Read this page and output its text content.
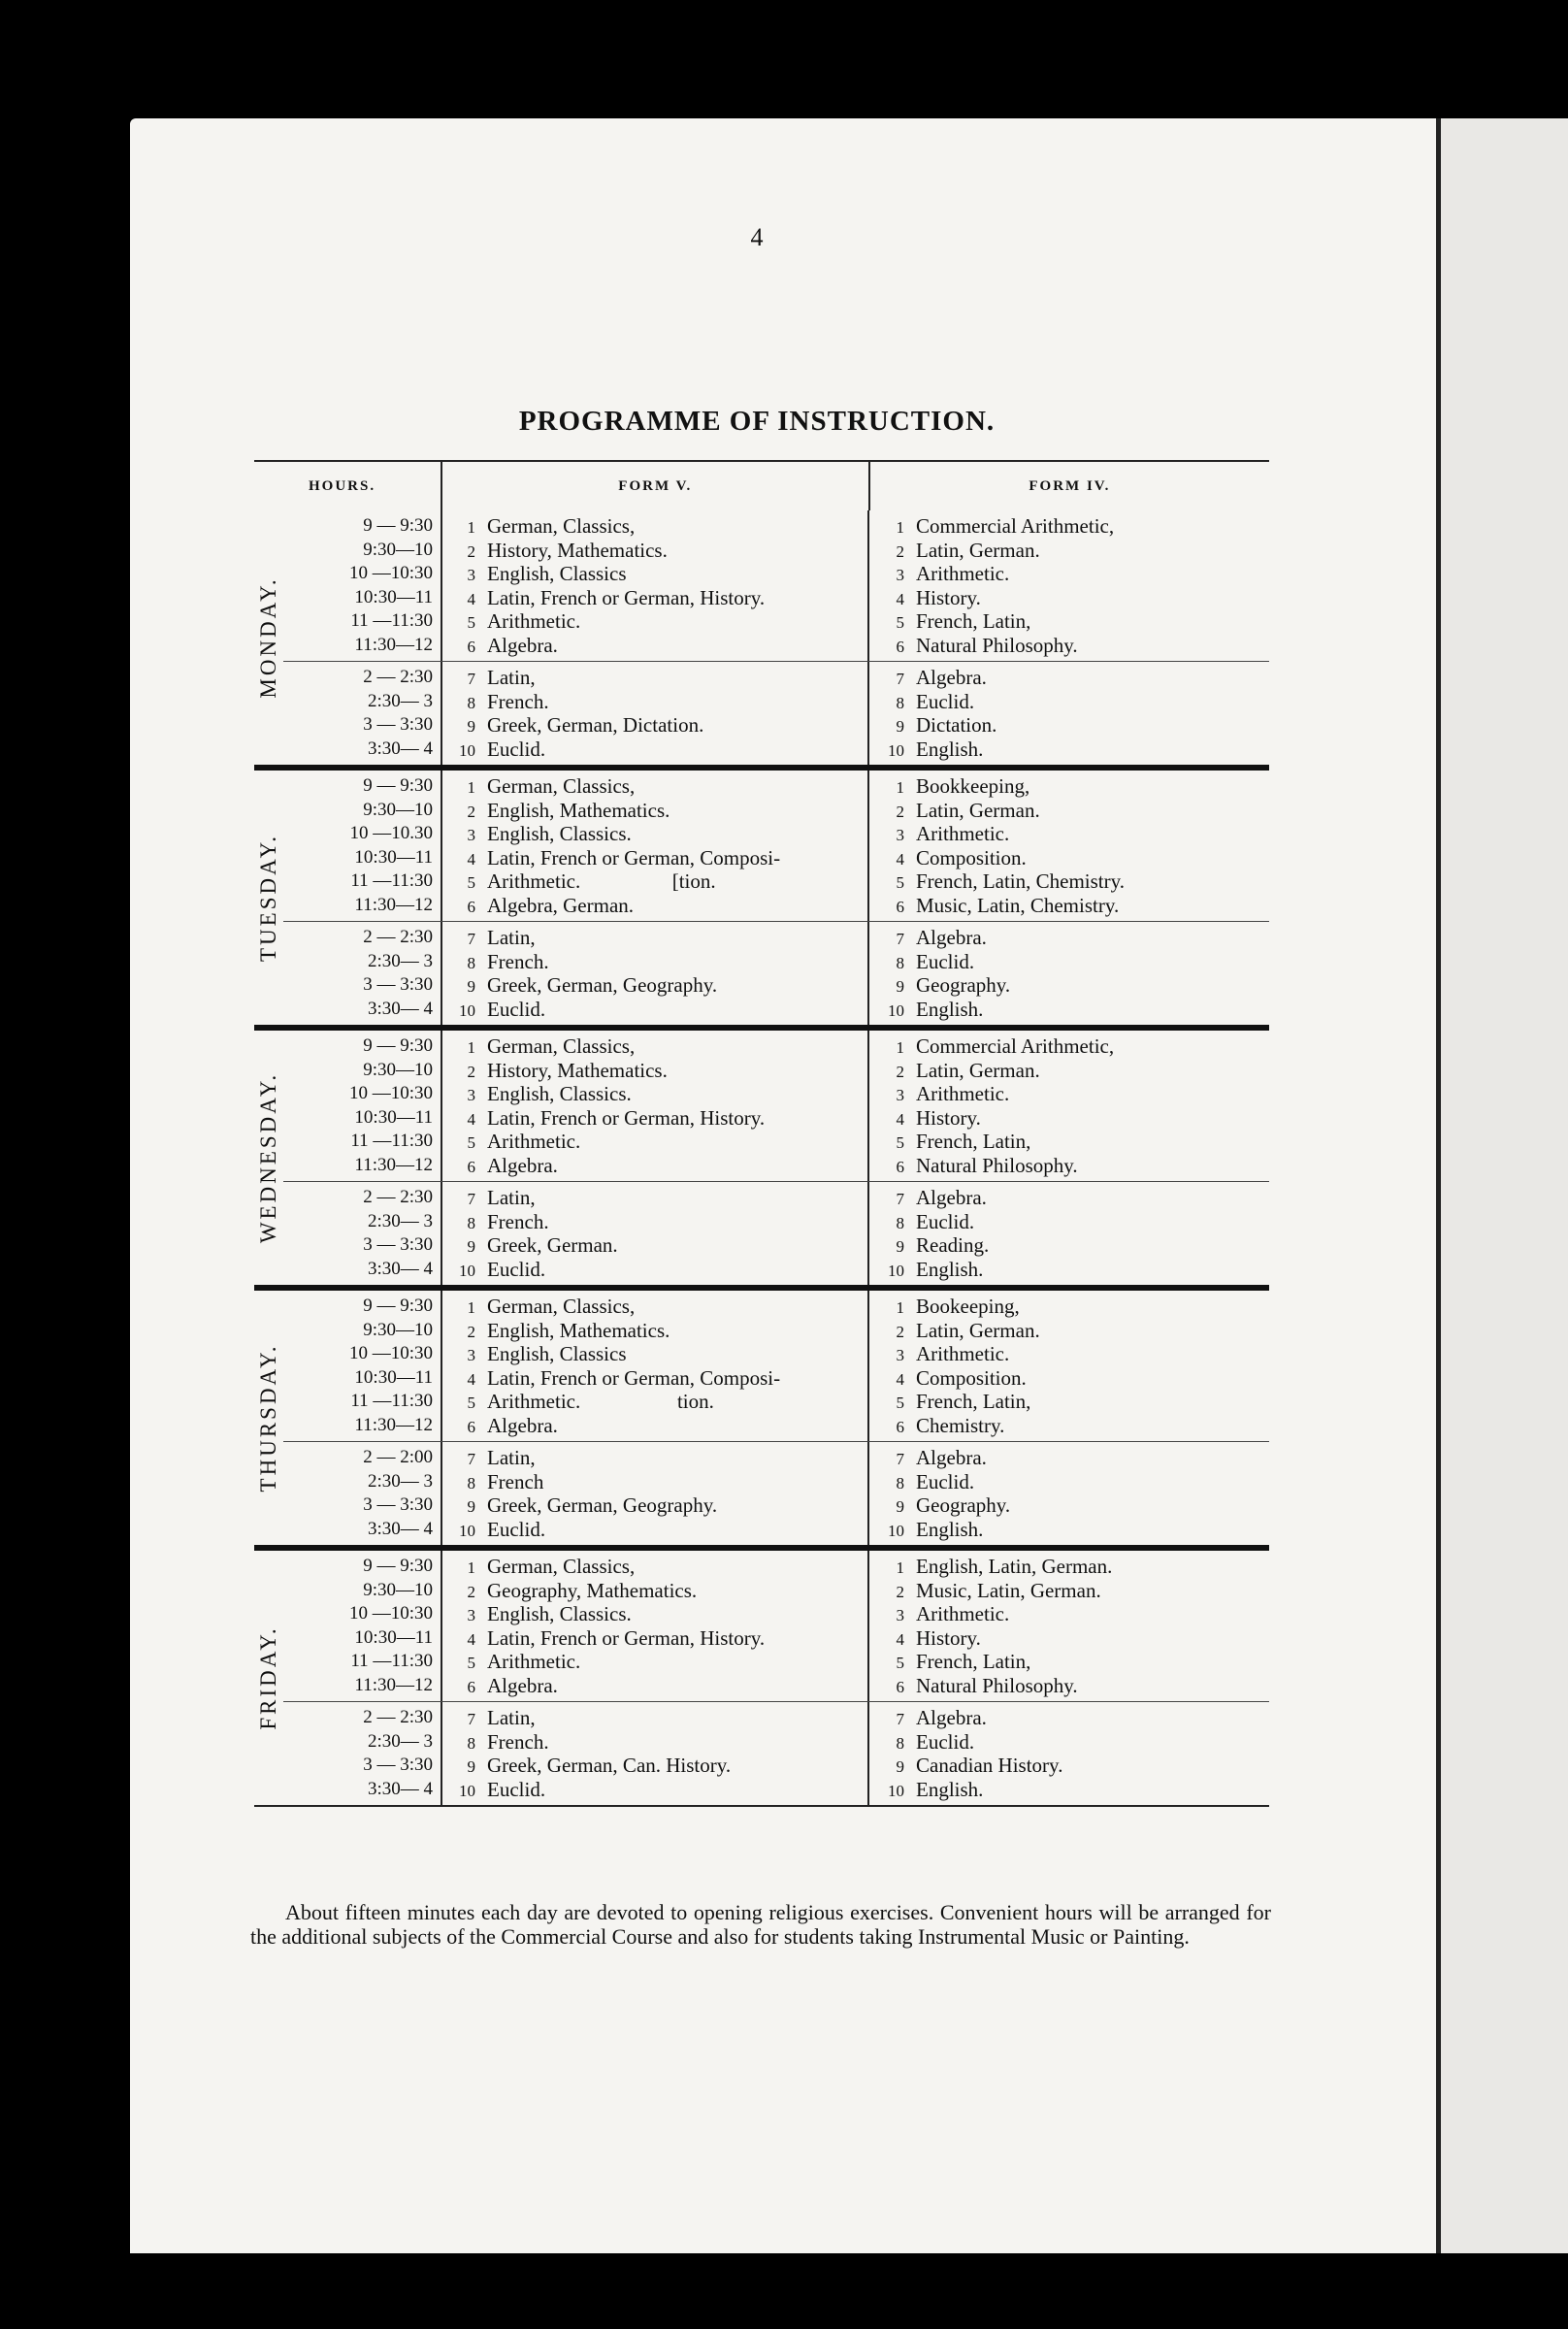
4
PROGRAMME OF INSTRUCTION.
HOURS.	FORM V.	FORM IV.
MONDAY.
9 — 9:30
9:30—10
10 —10:30
10:30—11
11 —11:30
11:30—12
1 German, Classics,
2 History, Mathematics.
3 English, Classics
4 Latin, French or German, History.
5 Arithmetic.
6 Algebra.
1 Commercial Arithmetic,
2 Latin, German.
3 Arithmetic.
4 History.
5 French, Latin,
6 Natural Philosophy.
2 — 2:30
2:30— 3
3 — 3:30
3:30— 4
7 Latin,
8 French.
9 Greek, German, Dictation.
10 Euclid.
7 Algebra.
8 Euclid.
9 Dictation.
10 English.
TUESDAY.
9 — 9:30
9:30—10
10 —10.30
10:30—11
11 —11:30
11:30—12
1 German, Classics,
2 English, Mathematics.
3 English, Classics.
4 Latin, French or German, Composi-
5 Arithmetic.                  [tion.
6 Algebra, German.
1 Bookkeeping,
2 Latin, German.
3 Arithmetic.
4 Composition.
5 French, Latin, Chemistry.
6 Music, Latin, Chemistry.
2 — 2:30
2:30— 3
3 — 3:30
3:30— 4
7 Latin,
8 French.
9 Greek, German, Geography.
10 Euclid.
7 Algebra.
8 Euclid.
9 Geography.
10 English.
WEDNESDAY.
9 — 9:30
9:30—10
10 —10:30
10:30—11
11 —11:30
11:30—12
1 German, Classics,
2 History, Mathematics.
3 English, Classics.
4 Latin, French or German, History.
5 Arithmetic.
6 Algebra.
1 Commercial Arithmetic,
2 Latin, German.
3 Arithmetic.
4 History.
5 French, Latin,
6 Natural Philosophy.
2 — 2:30
2:30— 3
3 — 3:30
3:30— 4
7 Latin,
8 French.
9 Greek, German.
10 Euclid.
7 Algebra.
8 Euclid.
9 Reading.
10 English.
THURSDAY.
9 — 9:30
9:30—10
10 —10:30
10:30—11
11 —11:30
11:30—12
1 German, Classics,
2 English, Mathematics.
3 English, Classics
4 Latin, French or German, Composi-
5 Arithmetic.                   tion.
6 Algebra.
1 Bookeeping,
2 Latin, German.
3 Arithmetic.
4 Composition.
5 French, Latin,
6 Chemistry.
2 — 2:00
2:30— 3
3 — 3:30
3:30— 4
7 Latin,
8 French
9 Greek, German, Geography.
10 Euclid.
7 Algebra.
8 Euclid.
9 Geography.
10 English.
FRIDAY.
9 — 9:30
9:30—10
10 —10:30
10:30—11
11 —11:30
11:30—12
1 German, Classics,
2 Geography, Mathematics.
3 English, Classics.
4 Latin, French or German, History.
5 Arithmetic.
6 Algebra.
1 English, Latin, German.
2 Music, Latin, German.
3 Arithmetic.
4 History.
5 French, Latin,
6 Natural Philosophy.
2 — 2:30
2:30— 3
3 — 3:30
3:30— 4
7 Latin,
8 French.
9 Greek, German, Can. History.
10 Euclid.
7 Algebra.
8 Euclid.
9 Canadian History.
10 English.
About fifteen minutes each day are devoted to opening religious exercises. Convenient hours will be arranged for the additional subjects of the Commercial Course and also for students taking Instrumental Music or Painting.
